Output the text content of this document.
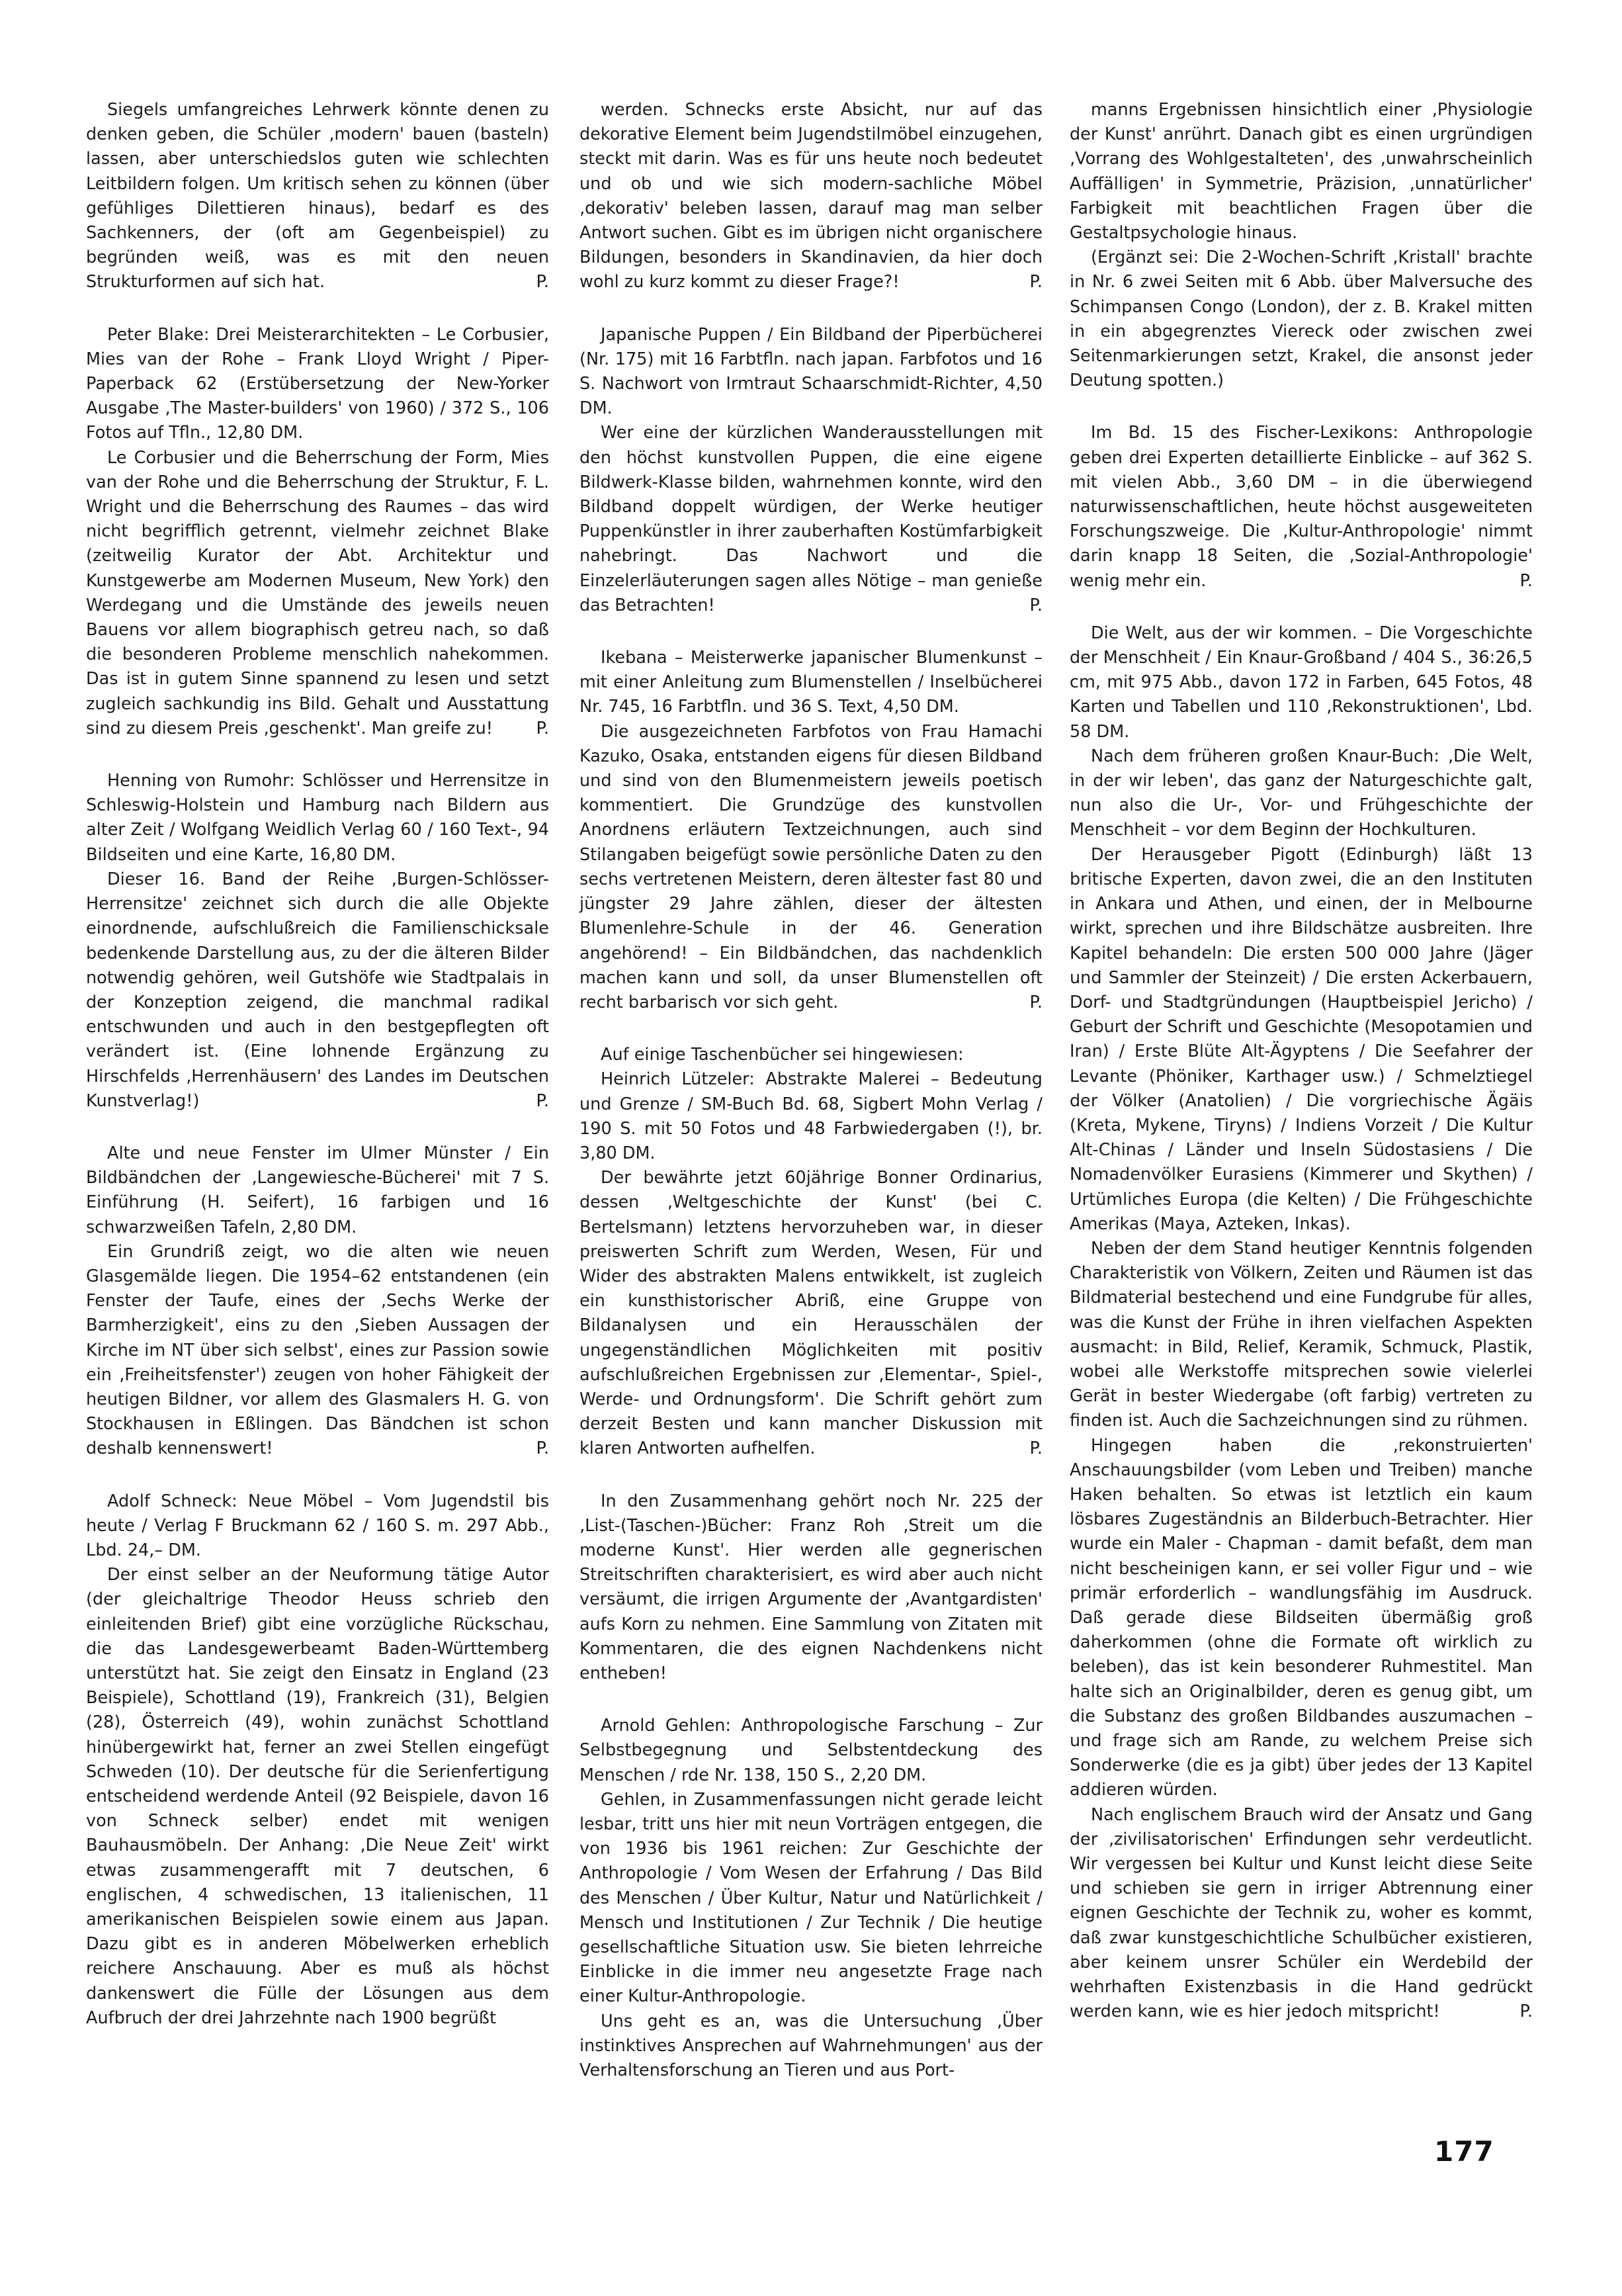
Siegels umfangreiches Lehrwerk könnte denen zu denken geben, die Schüler ‚modern' bauen (basteln) lassen, aber unterschiedslos guten wie schlechten Leitbildern folgen. Um kritisch sehen zu können (über gefühliges Dilettieren hinaus), bedarf es des Sachkenners, der (oft am Gegenbeispiel) zu begründen weiß, was es mit den neuen Strukturformen auf sich hat.	P.

Peter Blake: Drei Meisterarchitekten – Le Corbusier, Mies van der Rohe – Frank Lloyd Wright / Piper-Paperback 62 (Erstübersetzung der New-Yorker Ausgabe ‚The Master-builders' von 1960) / 372 S., 106 Fotos auf Tfln., 12,80 DM.

Le Corbusier und die Beherrschung der Form, Mies van der Rohe und die Beherrschung der Struktur, F. L. Wright und die Beherrschung des Raumes – das wird nicht begrifflich getrennt, vielmehr zeichnet Blake (zeitweilig Kurator der Abt. Architektur und Kunstgewerbe am Modernen Museum, New York) den Werdegang und die Umstände des jeweils neuen Bauens vor allem biographisch getreu nach, so daß die besonderen Probleme menschlich nahekommen. Das ist in gutem Sinne spannend zu lesen und setzt zugleich sachkundig ins Bild. Gehalt und Ausstattung sind zu diesem Preis ‚geschenkt'. Man greife zu!	P.

Henning von Rumohr: Schlösser und Herrensitze in Schleswig-Holstein und Hamburg nach Bildern aus alter Zeit / Wolfgang Weidlich Verlag 60 / 160 Text-, 94 Bildseiten und eine Karte, 16,80 DM.

Dieser 16. Band der Reihe ‚Burgen-Schlösser-Herrensitze' zeichnet sich durch die alle Objekte einordnende, aufschlußreich die Familienschicksale bedenkende Darstellung aus, zu der die älteren Bilder notwendig gehören, weil Gutshöfe wie Stadtpalais in der Konzeption zeigend, die manchmal radikal entschwunden und auch in den bestgepflegten oft verändert ist. (Eine lohnende Ergänzung zu Hirschfelds ‚Herrenhäusern' des Landes im Deutschen Kunstverlag!)	P.

Alte und neue Fenster im Ulmer Münster / Ein Bildbändchen der ‚Langewiesche-Bücherei' mit 7 S. Einführung (H. Seifert), 16 farbigen und 16 schwarzweißen Tafeln, 2,80 DM.

Ein Grundriß zeigt, wo die alten wie neuen Glasgemälde liegen. Die 1954–62 entstandenen (ein Fenster der Taufe, eines der ‚Sechs Werke der Barmherzigkeit', eins zu den ‚Sieben Aussagen der Kirche im NT über sich selbst', eines zur Passion sowie ein ‚Freiheitsfenster') zeugen von hoher Fähigkeit der heutigen Bildner, vor allem des Glasmalers H. G. von Stockhausen in Eßlingen. Das Bändchen ist schon deshalb kennenswert!	P.

Adolf Schneck: Neue Möbel – Vom Jugendstil bis heute / Verlag F Bruckmann 62 / 160 S. m. 297 Abb., Lbd. 24,– DM.

Der einst selber an der Neuformung tätige Autor (der gleichaltrige Theodor Heuss schrieb den einleitenden Brief) gibt eine vorzügliche Rückschau, die das Landesgewerbeamt Baden-Württemberg unterstützt hat. Sie zeigt den Einsatz in England (23 Beispiele), Schottland (19), Frankreich (31), Belgien (28), Österreich (49), wohin zunächst Schottland hinübergewirkt hat, ferner an zwei Stellen eingefügt Schweden (10). Der deutsche für die Serienfertigung entscheidend werdende Anteil (92 Beispiele, davon 16 von Schneck selber) endet mit wenigen Bauhausmöbeln. Der Anhang: ‚Die Neue Zeit' wirkt etwas zusammengerafft mit 7 deutschen, 6 englischen, 4 schwedischen, 13 italienischen, 11 amerikanischen Beispielen sowie einem aus Japan. Dazu gibt es in anderen Möbelwerken erheblich reichere Anschauung. Aber es muß als höchst dankenswert die Fülle der Lösungen aus dem Aufbruch der drei Jahrzehnte nach 1900 begrüßt

werden. Schnecks erste Absicht, nur auf das dekorative Element beim Jugendstilmöbel einzugehen, steckt mit darin. Was es für uns heute noch bedeutet und ob und wie sich modern-sachliche Möbel ‚dekorativ' beleben lassen, darauf mag man selber Antwort suchen. Gibt es im übrigen nicht organischere Bildungen, besonders in Skandinavien, da hier doch wohl zu kurz kommt zu dieser Frage?!	P.

Japanische Puppen / Ein Bildband der Piperbücherei (Nr. 175) mit 16 Farbtfln. nach japan. Farbfotos und 16 S. Nachwort von Irmtraut Schaarschmidt-Richter, 4,50 DM.

Wer eine der kürzlichen Wanderausstellungen mit den höchst kunstvollen Puppen, die eine eigene Bildwerk-Klasse bilden, wahrnehmen konnte, wird den Bildband doppelt würdigen, der Werke heutiger Puppenkünstler in ihrer zauberhaften Kostümfarbigkeit nahebringt. Das Nachwort und die Einzelerläuterungen sagen alles Nötige – man genieße das Betrachten!	P.

Ikebana – Meisterwerke japanischer Blumenkunst – mit einer Anleitung zum Blumenstellen / Inselbücherei Nr. 745, 16 Farbtfln. und 36 S. Text, 4,50 DM.

Die ausgezeichneten Farbfotos von Frau Hamachi Kazuko, Osaka, entstanden eigens für diesen Bildband und sind von den Blumenmeistern jeweils poetisch kommentiert. Die Grundzüge des kunstvollen Anordnens erläutern Textzeichnungen, auch sind Stilangaben beigefügt sowie persönliche Daten zu den sechs vertretenen Meistern, deren ältester fast 80 und jüngster 29 Jahre zählen, dieser der ältesten Blumenlehre-Schule in der 46. Generation angehörend! – Ein Bildbändchen, das nachdenklich machen kann und soll, da unser Blumenstellen oft recht barbarisch vor sich geht.	P.

Auf einige Taschenbücher sei hingewiesen:

Heinrich Lützeler: Abstrakte Malerei – Bedeutung und Grenze / SM-Buch Bd. 68, Sigbert Mohn Verlag / 190 S. mit 50 Fotos und 48 Farbwiedergaben (!), br. 3,80 DM.

Der bewährte jetzt 60jährige Bonner Ordinarius, dessen ‚Weltgeschichte der Kunst' (bei C. Bertelsmann) letztens hervorzuheben war, in dieser preiswerten Schrift zum Werden, Wesen, Für und Wider des abstrakten Malens entwikkelt, ist zugleich ein kunsthistorischer Abriß, eine Gruppe von Bildanalysen und ein Herausschälen der ungegenständlichen Möglichkeiten mit positiv aufschlußreichen Ergebnissen zur ‚Elementar-, Spiel-, Werde- und Ordnungsform'. Die Schrift gehört zum derzeit Besten und kann mancher Diskussion mit klaren Antworten aufhelfen.	P.

In den Zusammenhang gehört noch Nr. 225 der ‚List-(Taschen-)Bücher: Franz Roh ‚Streit um die moderne Kunst'. Hier werden alle gegnerischen Streitschriften charakterisiert, es wird aber auch nicht versäumt, die irrigen Argumente der ‚Avantgardisten' aufs Korn zu nehmen. Eine Sammlung von Zitaten mit Kommentaren, die des eignen Nachdenkens nicht entheben!

Arnold Gehlen: Anthropologische Farschung – Zur Selbstbegegnung und Selbstentdeckung des Menschen / rde Nr. 138, 150 S., 2,20 DM.

Gehlen, in Zusammenfassungen nicht gerade leicht lesbar, tritt uns hier mit neun Vorträgen entgegen, die von 1936 bis 1961 reichen: Zur Geschichte der Anthropologie / Vom Wesen der Erfahrung / Das Bild des Menschen / Über Kultur, Natur und Natürlichkeit / Mensch und Institutionen / Zur Technik / Die heutige gesellschaftliche Situation usw. Sie bieten lehrreiche Einblicke in die immer neu angesetzte Frage nach einer Kultur-Anthropologie.

Uns geht es an, was die Untersuchung ‚Über instinktives Ansprechen auf Wahrnehmungen' aus der Verhaltensforschung an Tieren und aus Port-

manns Ergebnissen hinsichtlich einer ‚Physiologie der Kunst' anrührt. Danach gibt es einen urgründigen ‚Vorrang des Wohlgestalteten', des ‚unwahrscheinlich Auffälligen' in Symmetrie, Präzision, ‚unnatürlicher' Farbigkeit mit beachtlichen Fragen über die Gestaltpsychologie hinaus.

(Ergänzt sei: Die 2-Wochen-Schrift ‚Kristall' brachte in Nr. 6 zwei Seiten mit 6 Abb. über Malversuche des Schimpansen Congo (London), der z. B. Krakel mitten in ein abgegrenztes Viereck oder zwischen zwei Seitenmarkierungen setzt, Krakel, die ansonst jeder Deutung spotten.)

Im Bd. 15 des Fischer-Lexikons: Anthropologie geben drei Experten detaillierte Einblicke – auf 362 S. mit vielen Abb., 3,60 DM – in die überwiegend naturwissenschaftlichen, heute höchst ausgeweiteten Forschungszweige. Die ‚Kultur-Anthropologie' nimmt darin knapp 18 Seiten, die ‚Sozial-Anthropologie' wenig mehr ein.	P.

Die Welt, aus der wir kommen. – Die Vorgeschichte der Menschheit / Ein Knaur-Großband / 404 S., 36:26,5 cm, mit 975 Abb., davon 172 in Farben, 645 Fotos, 48 Karten und Tabellen und 110 ‚Rekonstruktionen', Lbd. 58 DM.

Nach dem früheren großen Knaur-Buch: ‚Die Welt, in der wir leben', das ganz der Naturgeschichte galt, nun also die Ur-, Vor- und Frühgeschichte der Menschheit – vor dem Beginn der Hochkulturen.

Der Herausgeber Pigott (Edinburgh) läßt 13 britische Experten, davon zwei, die an den Instituten in Ankara und Athen, und einen, der in Melbourne wirkt, sprechen und ihre Bildschätze ausbreiten. Ihre Kapitel behandeln: Die ersten 500 000 Jahre (Jäger und Sammler der Steinzeit) / Die ersten Ackerbauern, Dorf- und Stadtgründungen (Hauptbeispiel Jericho) / Geburt der Schrift und Geschichte (Mesopotamien und Iran) / Erste Blüte Alt-Ägyptens / Die Seefahrer der Levante (Phöniker, Karthager usw.) / Schmelztiegel der Völker (Anatolien) / Die vorgriechische Ägäis (Kreta, Mykene, Tiryns) / Indiens Vorzeit / Die Kultur Alt-Chinas / Länder und Inseln Südostasiens / Die Nomadenvölker Eurasiens (Kimmerer und Skythen) / Urtümliches Europa (die Kelten) / Die Frühgeschichte Amerikas (Maya, Azteken, Inkas).

Neben der dem Stand heutiger Kenntnis folgenden Charakteristik von Völkern, Zeiten und Räumen ist das Bildmaterial bestechend und eine Fundgrube für alles, was die Kunst der Frühe in ihren vielfachen Aspekten ausmacht: in Bild, Relief, Keramik, Schmuck, Plastik, wobei alle Werkstoffe mitsprechen sowie vielerlei Gerät in bester Wiedergabe (oft farbig) vertreten zu finden ist. Auch die Sachzeichnungen sind zu rühmen.

Hingegen haben die ‚rekonstruierten' Anschauungsbilder (vom Leben und Treiben) manche Haken behalten. So etwas ist letztlich ein kaum lösbares Zugeständnis an Bilderbuch-Betrachter. Hier wurde ein Maler - Chapman - damit befaßt, dem man nicht bescheinigen kann, er sei voller Figur und – wie primär erforderlich – wandlungsfähig im Ausdruck. Daß gerade diese Bildseiten übermäßig groß daherkommen (ohne die Formate oft wirklich zu beleben), das ist kein besonderer Ruhmestitel. Man halte sich an Originalbilder, deren es genug gibt, um die Substanz des großen Bildbandes auszumachen – und frage sich am Rande, zu welchem Preise sich Sonderwerke (die es ja gibt) über jedes der 13 Kapitel addieren würden.

Nach englischem Brauch wird der Ansatz und Gang der ‚zivilisatorischen' Erfindungen sehr verdeutlicht. Wir vergessen bei Kultur und Kunst leicht diese Seite und schieben sie gern in irriger Abtrennung einer eignen Geschichte der Technik zu, woher es kommt, daß zwar kunstgeschichtliche Schulbücher existieren, aber keinem unsrer Schüler ein Werdebild der wehrhaften Existenzbasis in die Hand gedrückt werden kann, wie es hier jedoch mitspricht!	P.

177
